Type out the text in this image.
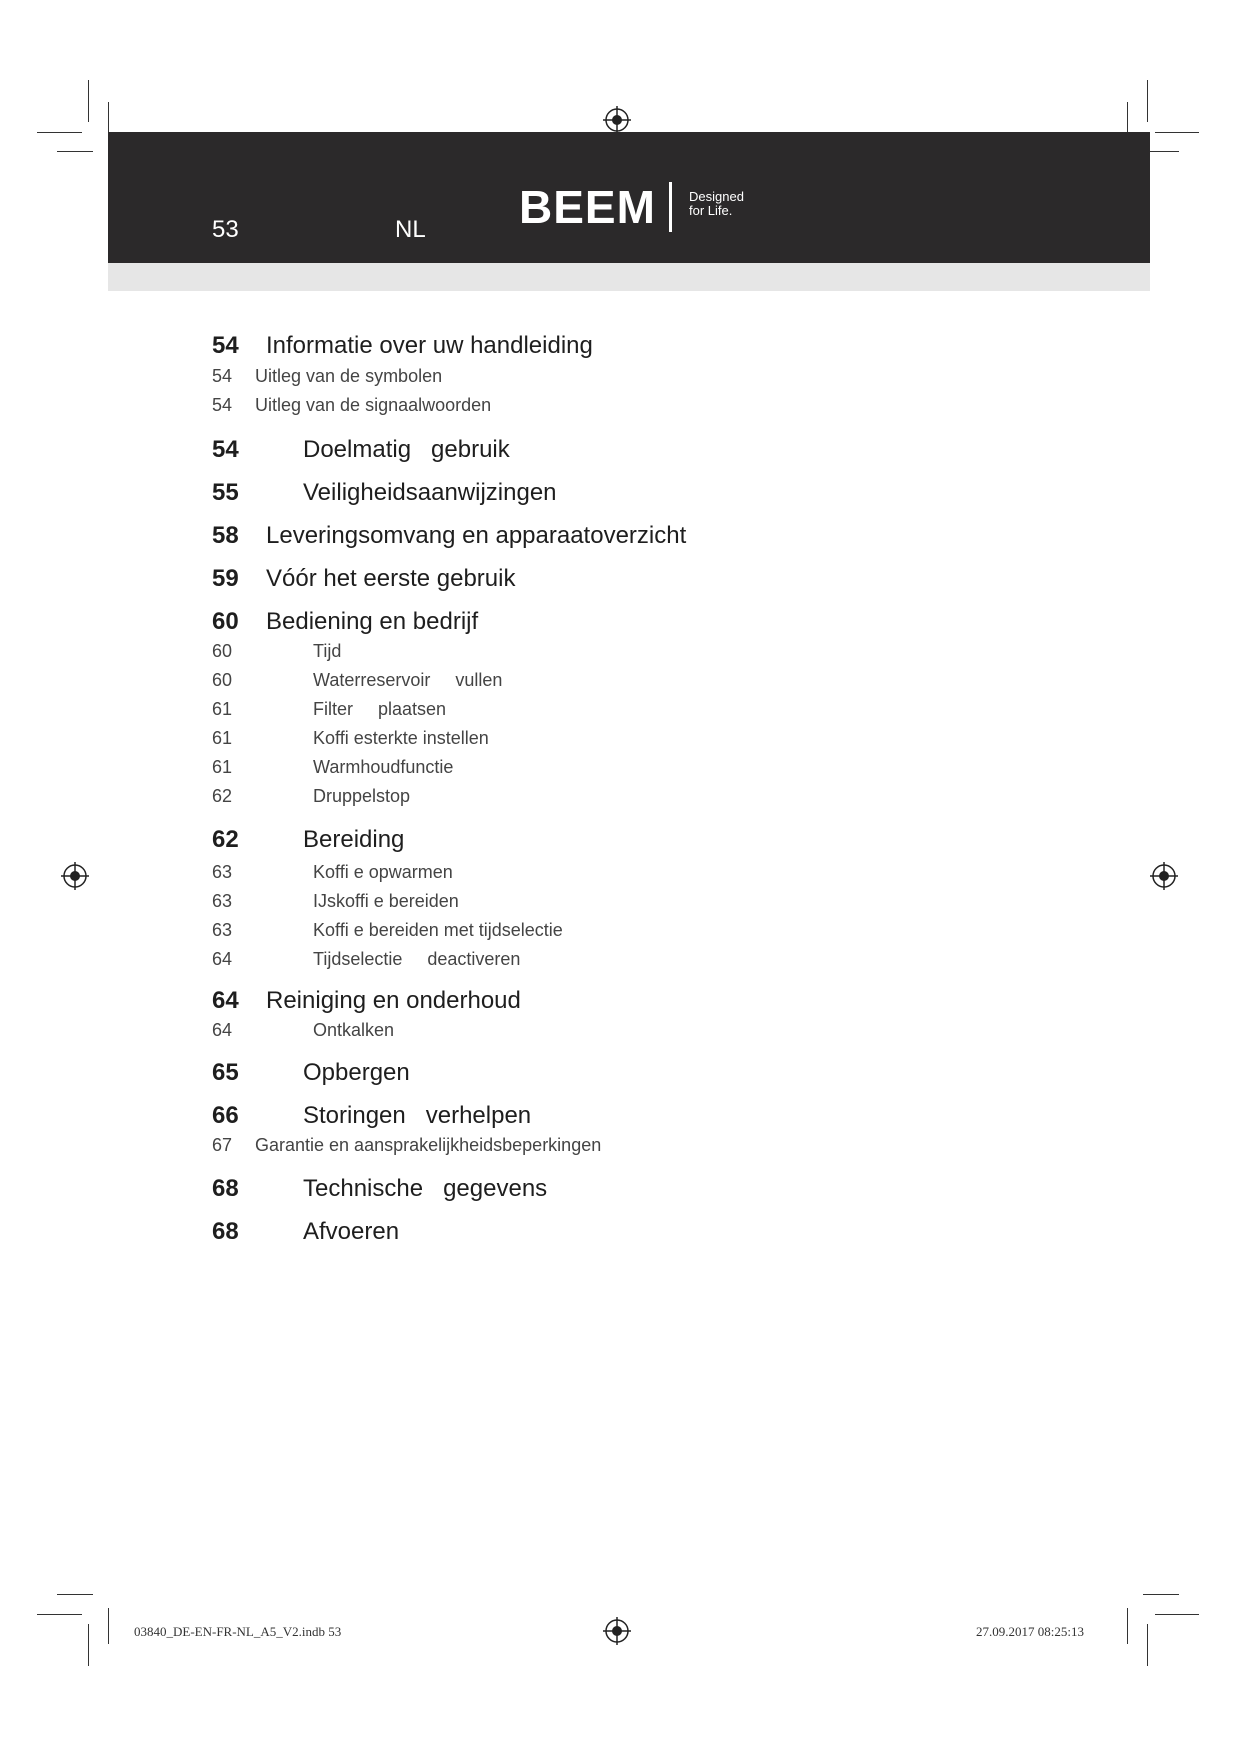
53	NL BEEM	Designed
for Life.
54 Informatie over uw handleiding
54 Uitleg van de symbolen
54 Uitleg van de signaalwoorden
54	Doelmatig   gebruik
55	Veiligheidsaanwijzingen
58 Leveringsomvang en apparaatoverzicht
59 Vóór het eerste gebruik
60 Bediening en bedrijf
60	Tijd
60	Waterreservoir     vullen
61	Filter     plaatsen
61	Koffi esterkte instellen
61	Warmhoudfunctie
62	Druppelstop
62	Bereiding
63	Koffi e opwarmen
63	IJskoffi e bereiden
63	Koffi e bereiden met tijdselectie
64	Tijdselectie     deactiveren
64 Reiniging en onderhoud
64	Ontkalken
65	Opbergen
66	Storingen   verhelpen
67 Garantie en aansprakelijkheidsbeperkingen
68	Technische   gegevens
68	Afvoeren
03840_DE-EN-FR-NL_A5_V2.indb 53	27.09.2017 08:25:13
